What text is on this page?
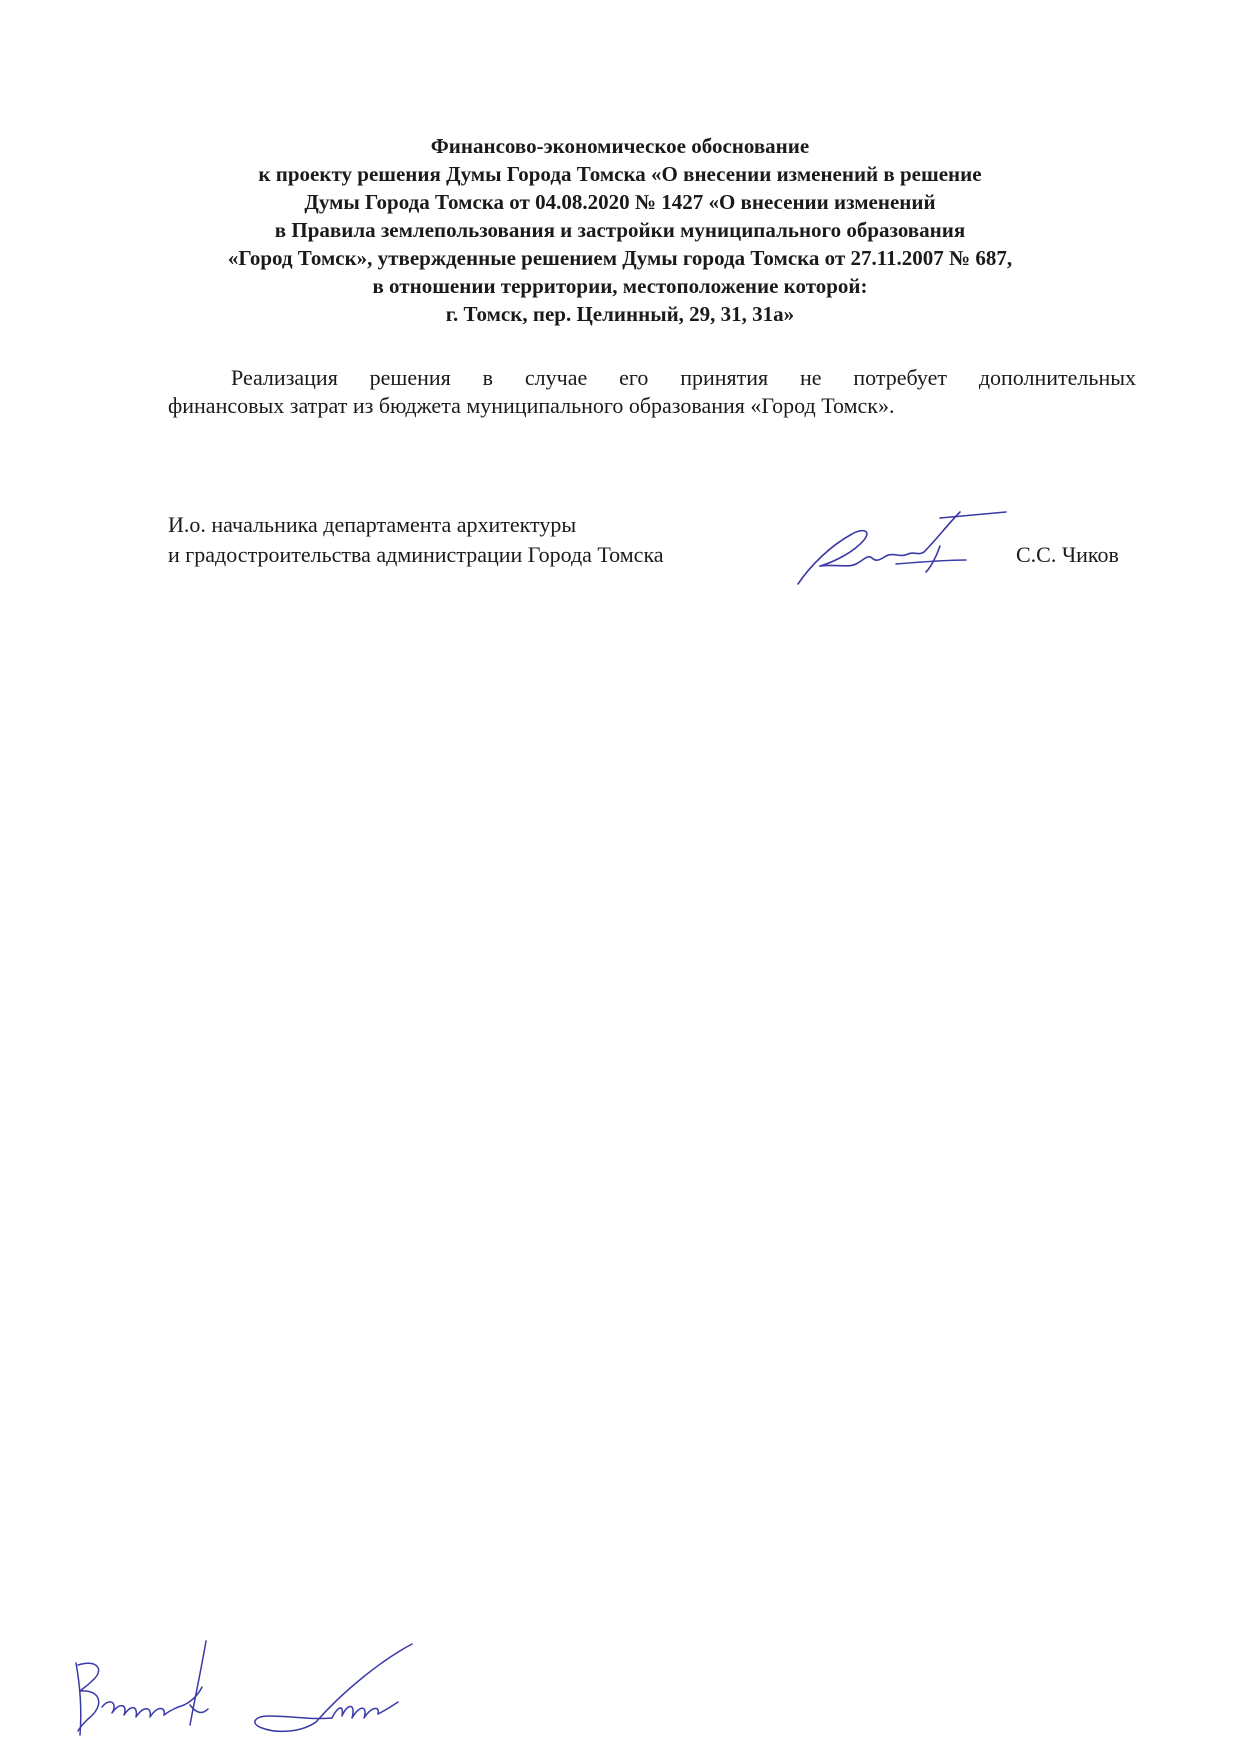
Финансово-экономическое обоснование
к проекту решения Думы Города Томска «О внесении изменений в решение
Думы Города Томска от 04.08.2020 № 1427 «О внесении изменений
в Правила землепользования и застройки муниципального образования
«Город Томск», утвержденные решением Думы города Томска от 27.11.2007 № 687,
в отношении территории, местоположение которой:
г. Томск, пер. Целинный, 29, 31, 31а»
Реализация решения в случае его принятия не потребует дополнительных
финансовых затрат из бюджета муниципального образования «Город Томск».
И.о. начальника департамента архитектуры
и градостроительства администрации Города Томска	С.С. Чиков
